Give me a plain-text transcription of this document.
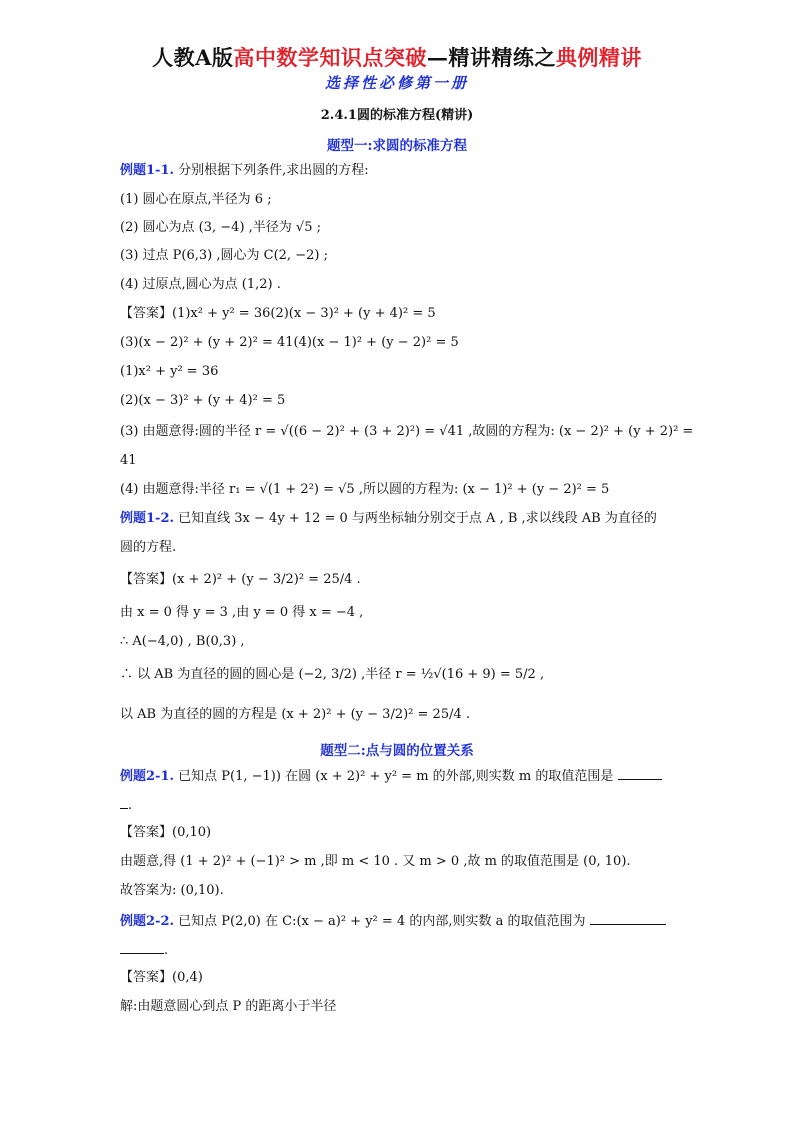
人教A版高中数学知识点突破—精讲精练之典例精讲
选择性必修第一册
2.4.1圆的标准方程(精讲)
题型一:求圆的标准方程
例题1-1. 分别根据下列条件,求出圆的方程:
(1) 圆心在原点,半径为 6 ;
(2) 圆心为点 (3, −4) ,半径为 √5 ;
(3) 过点 P(6,3) ,圆心为 C(2, −2) ;
(4) 过原点,圆心为点 (1,2) .
【答案】(1)x² + y² = 36(2)(x − 3)² + (y + 4)² = 5
(3)(x − 2)² + (y + 2)² = 41(4)(x − 1)² + (y − 2)² = 5
(1)x² + y² = 36
(2)(x − 3)² + (y + 4)² = 5
(3) 由题意得:圆的半径 r = √((6 − 2)² + (3 + 2)²) = √41 ,故圆的方程为: (x − 2)² + (y + 2)² =
41
(4) 由题意得:半径 r₁ = √(1 + 2²) = √5 ,所以圆的方程为: (x − 1)² + (y − 2)² = 5
例题1-2. 已知直线 3x − 4y + 12 = 0 与两坐标轴分别交于点 A , B ,求以线段 AB 为直径的
圆的方程.
【答案】(x + 2)² + (y − 3/2)² = 25/4 .
由 x = 0 得 y = 3 ,由 y = 0 得 x = −4 ,
∴ A(−4,0) , B(0,3) ,
∴ 以 AB 为直径的圆的圆心是 (−2, 3/2) ,半径 r = ½√(16 + 9) = 5/2 ,
以 AB 为直径的圆的方程是 (x + 2)² + (y − 3/2)² = 25/4 .
题型二:点与圆的位置关系
例题2-1. 已知点 P(1, −1)) 在圆 (x + 2)² + y² = m 的外部,则实数 m 的取值范围是
.
【答案】(0,10)
由题意,得 (1 + 2)² + (−1)² > m ,即 m < 10 . 又 m > 0 ,故 m 的取值范围是 (0, 10).
故答案为: (0,10).
例题2-2. 已知点 P(2,0) 在 C:(x − a)² + y² = 4 的内部,则实数 a 的取值范围为
.
【答案】(0,4)
解:由题意圆心到点 P 的距离小于半径
